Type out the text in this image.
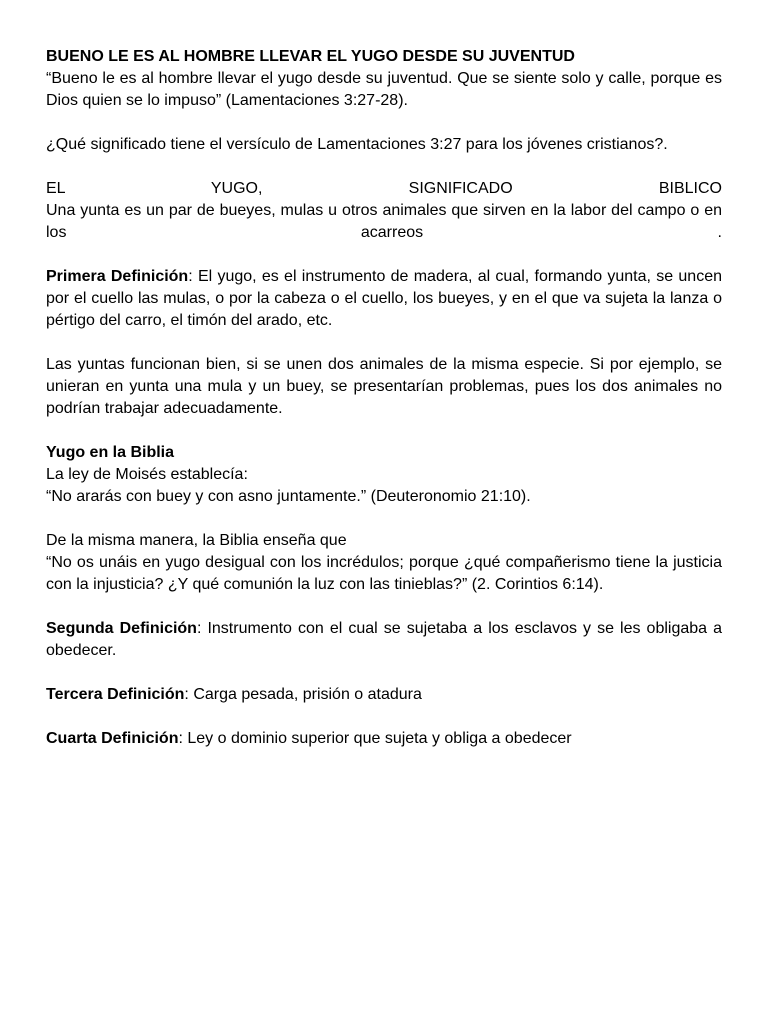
BUENO LE ES AL HOMBRE LLEVAR EL YUGO DESDE SU JUVENTUD
“Bueno le es al hombre llevar el yugo desde su juventud. Que se siente solo y calle, porque es Dios quien se lo impuso” (Lamentaciones 3:27-28).

¿Qué significado tiene el versículo de Lamentaciones 3:27 para los jóvenes cristianos?.

EL YUGO, SIGNIFICADO BIBLICO
Una yunta es un par de bueyes, mulas u otros animales que sirven en la labor del campo o en los acarreos .

Primera Definición: El yugo, es el instrumento de madera, al cual, formando yunta, se uncen por el cuello las mulas, o por la cabeza o el cuello, los bueyes, y en el que va sujeta la lanza o pértigo del carro, el timón del arado, etc.

Las yuntas funcionan bien, si se unen dos animales de la misma especie. Si por ejemplo, se unieran en yunta una mula y un buey, se presentarían problemas, pues los dos animales no podrían trabajar adecuadamente.

Yugo en la Biblia
La ley de Moisés establecía:
“No ararás con buey y con asno juntamente.” (Deuteronomio 21:10).

De la misma manera, la Biblia enseña que
“No os unáis en yugo desigual con los incrédulos; porque ¿qué compañerismo tiene la justicia con la injusticia? ¿Y qué comunión la luz con las tinieblas?” (2. Corintios 6:14).

Segunda Definición: Instrumento con el cual se sujetaba a los esclavos y se les obligaba a obedecer.

Tercera Definición: Carga pesada, prisión o atadura

Cuarta Definición: Ley o dominio superior que sujeta y obliga a obedecer
